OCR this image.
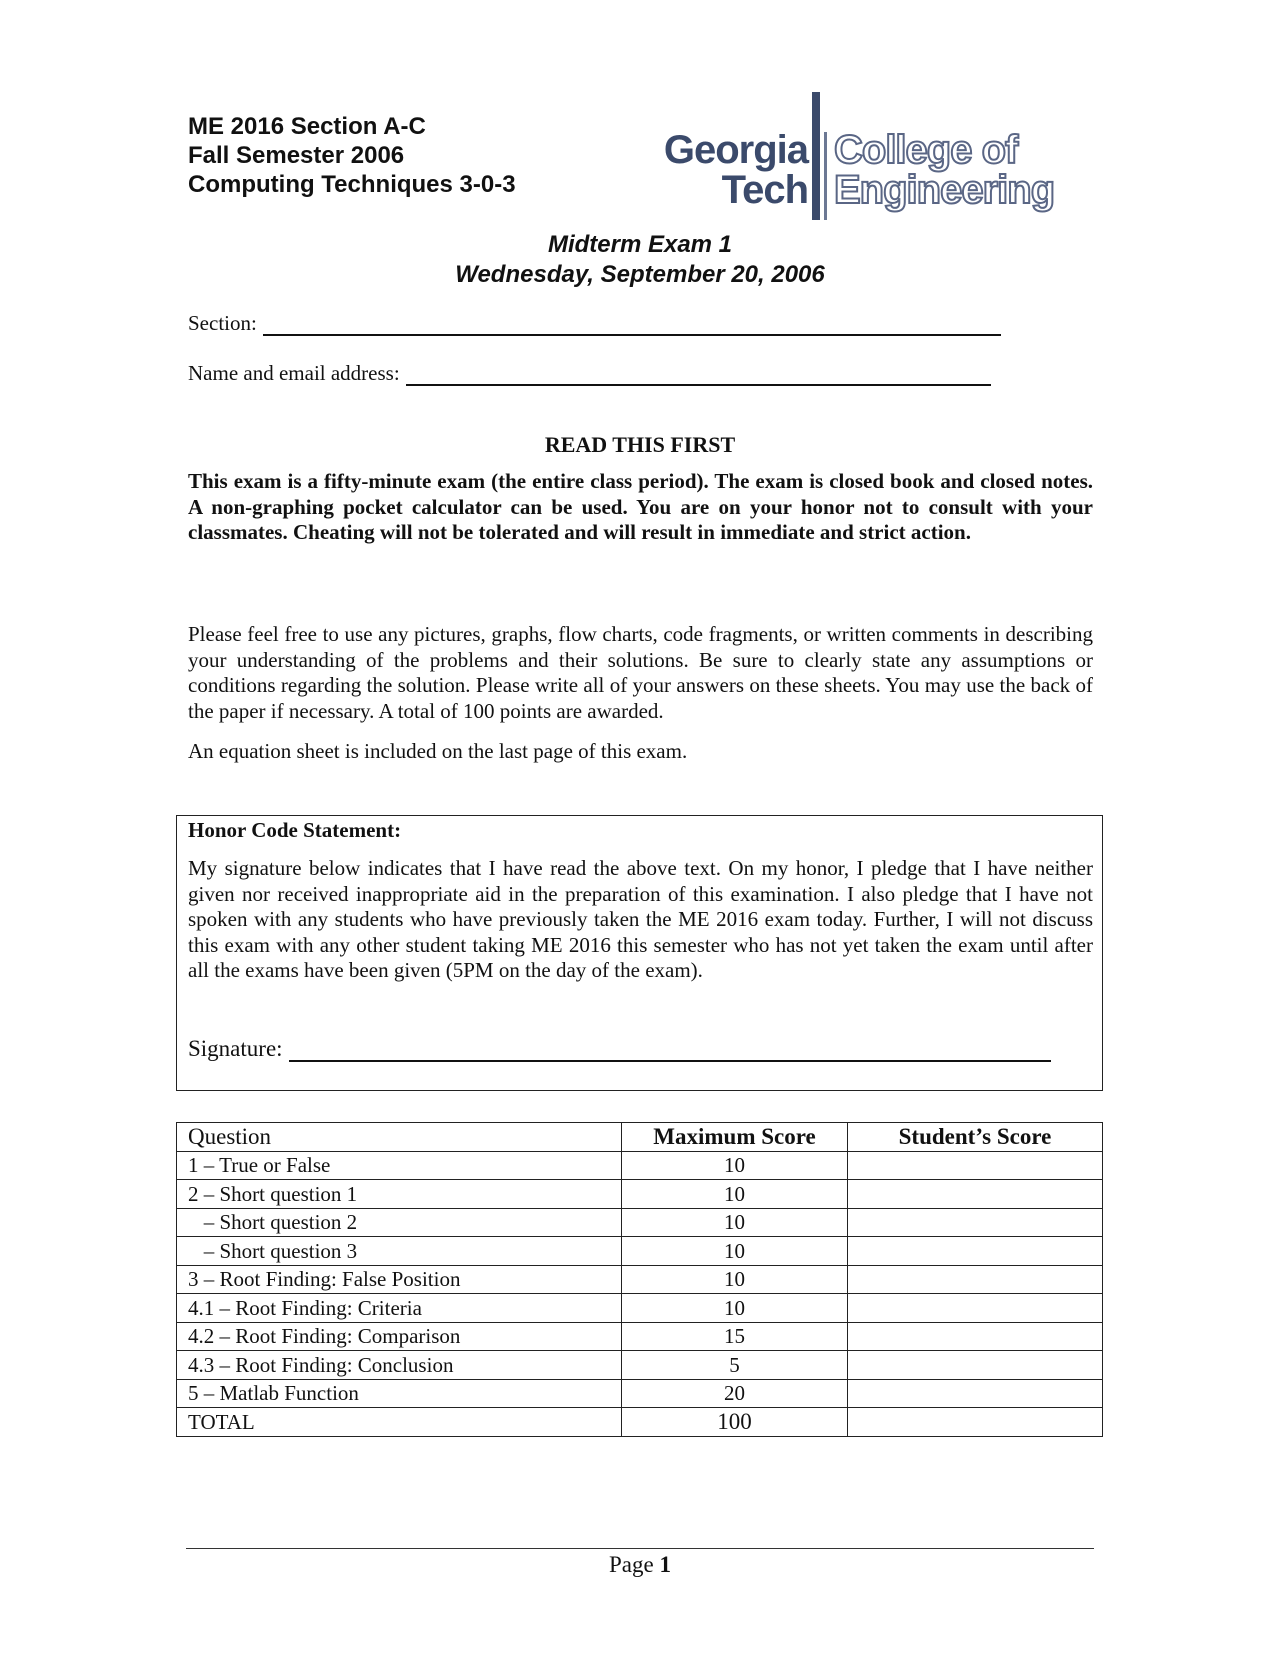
ME 2016 Section A-C
Fall Semester 2006
Computing Techniques 3-0-3
Georgia
Tech
College of
Engineering
Midterm Exam 1
Wednesday, September 20, 2006
Section:
Name and email address:
READ THIS FIRST
This exam is a fifty-minute exam (the entire class period). The exam is closed book and closed notes. A non-graphing pocket calculator can be used. You are on your honor not to consult with your classmates. Cheating will not be tolerated and will result in immediate and strict action.
Please feel free to use any pictures, graphs, flow charts, code fragments, or written comments in describing your understanding of the problems and their solutions. Be sure to clearly state any assumptions or conditions regarding the solution. Please write all of your answers on these sheets. You may use the back of the paper if necessary. A total of 100 points are awarded.
An equation sheet is included on the last page of this exam.
Honor Code Statement:
My signature below indicates that I have read the above text. On my honor, I pledge that I have neither given nor received inappropriate aid in the preparation of this examination. I also pledge that I have not spoken with any students who have previously taken the ME 2016 exam today. Further, I will not discuss this exam with any other student taking ME 2016 this semester who has not yet taken the exam until after all the exams have been given (5PM on the day of the exam).
Signature:
Question	Maximum Score	Student’s Score
1 – True or False	10	
2 – Short question 1	10	
– Short question 2	10	
– Short question 3	10	
3 – Root Finding: False Position	10	
4.1 – Root Finding: Criteria	10	
4.2 – Root Finding: Comparison	15	
4.3 – Root Finding: Conclusion	5	
5 – Matlab Function	20	
TOTAL	100	
Page 1
